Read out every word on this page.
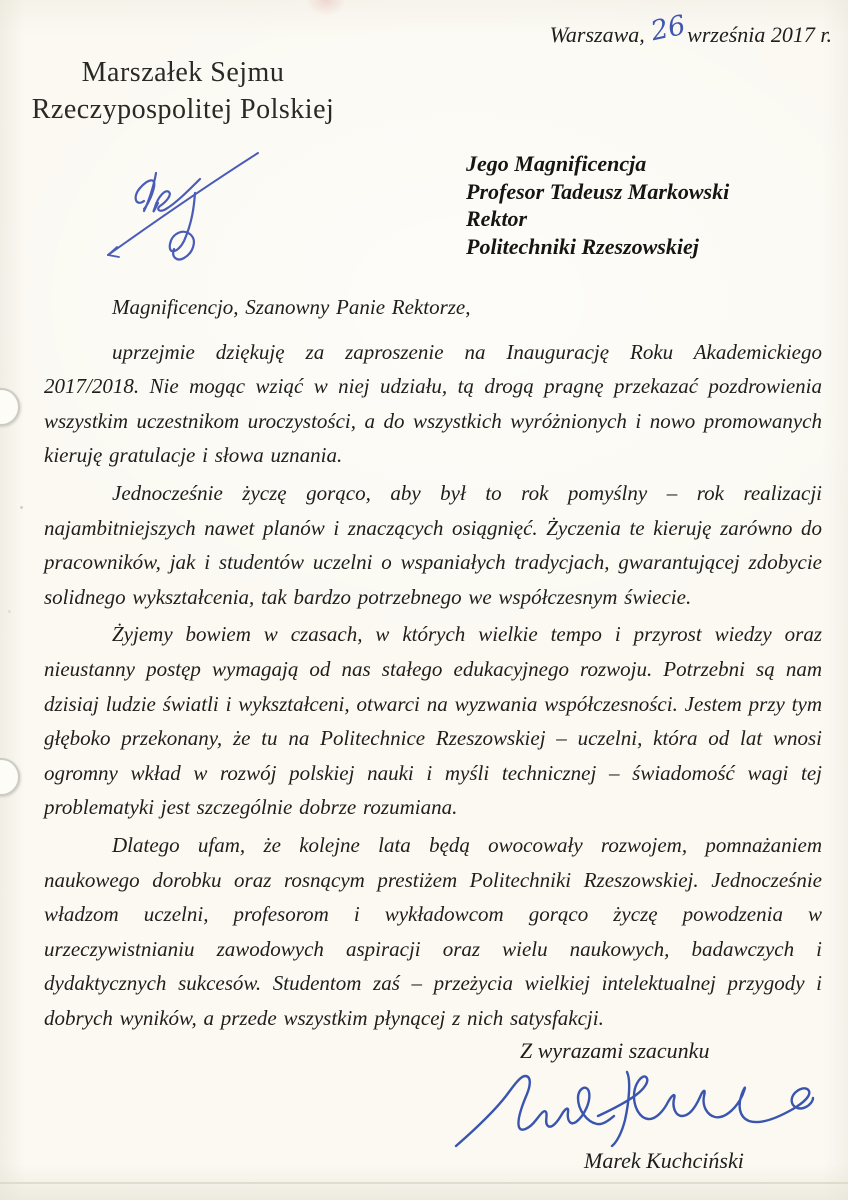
Warszawa, 26 września 2017 r.
Marszałek Sejmu
Rzeczypospolitej Polskiej
Jego Magnificencja
Profesor Tadeusz Markowski
Rektor
Politechniki Rzeszowskiej
Magnificencjo, Szanowny Panie Rektorze,

uprzejmie dziękuję za zaproszenie na Inaugurację Roku Akademickiego 2017/2018. Nie mogąc wziąć w niej udziału, tą drogą pragnę przekazać pozdrowienia wszystkim uczestnikom uroczystości, a do wszystkich wyróżnionych i nowo promowanych kieruję gratulacje i słowa uznania.

Jednocześnie życzę gorąco, aby był to rok pomyślny – rok realizacji najambitniejszych nawet planów i znaczących osiągnięć. Życzenia te kieruję zarówno do pracowników, jak i studentów uczelni o wspaniałych tradycjach, gwarantującej zdobycie solidnego wykształcenia, tak bardzo potrzebnego we współczesnym świecie.

Żyjemy bowiem w czasach, w których wielkie tempo i przyrost wiedzy oraz nieustanny postęp wymagają od nas stałego edukacyjnego rozwoju. Potrzebni są nam dzisiaj ludzie światli i wykształceni, otwarci na wyzwania współczesności. Jestem przy tym głęboko przekonany, że tu na Politechnice Rzeszowskiej – uczelni, która od lat wnosi ogromny wkład w rozwój polskiej nauki i myśli technicznej – świadomość wagi tej problematyki jest szczególnie dobrze rozumiana.

Dlatego ufam, że kolejne lata będą owocowały rozwojem, pomnażaniem naukowego dorobku oraz rosnącym prestiżem Politechniki Rzeszowskiej. Jednocześnie władzom uczelni, profesorom i wykładowcom gorąco życzę powodzenia w urzeczywistnianiu zawodowych aspiracji oraz wielu naukowych, badawczych i dydaktycznych sukcesów. Studentom zaś – przeżycia wielkiej intelektualnej przygody i dobrych wyników, a przede wszystkim płynącej z nich satysfakcji.

Z wyrazami szacunku
Marek Kuchciński
